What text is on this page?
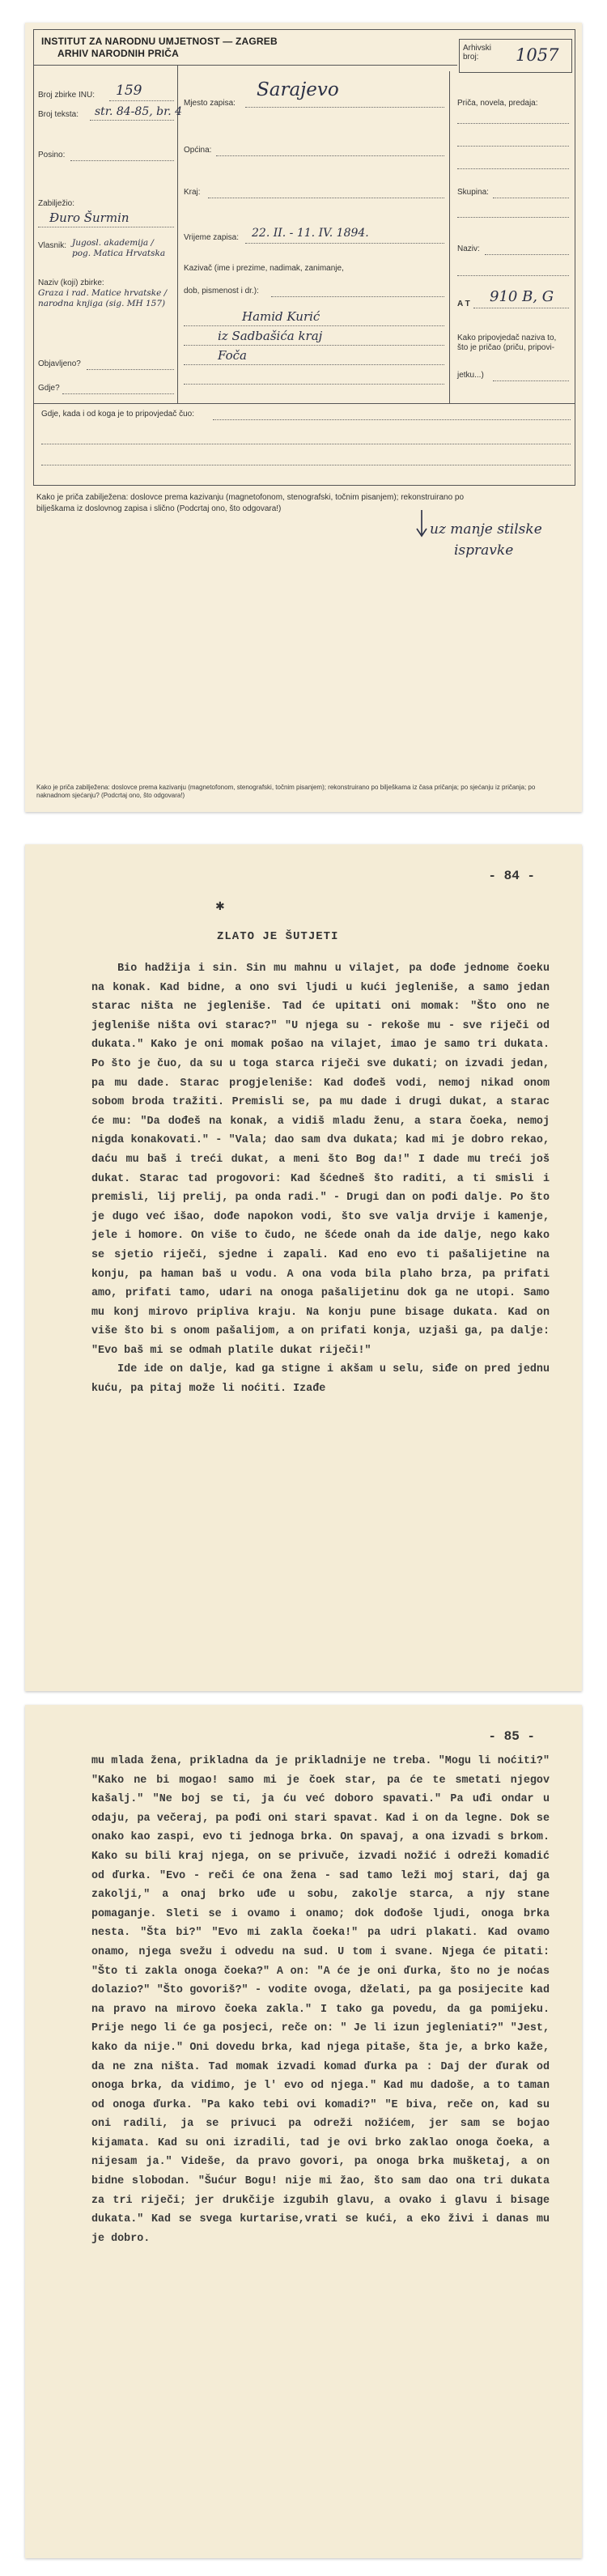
INSTITUT ZA NARODNU UMJETNOST — ZAGREB
ARHIV NARODNIH PRIČA	Arhivski broj:	1057
Broj zbirke INU: 159
Broj teksta: str. 84-85, br. 4
Posino:
Zabilježio:
Đuro Šurmin
Vlasnik: Jugosl. akademija / pog. Matica Hrvatska
Naziv (koji) zbirke:
Graza i rad. Matice hrvatske / narodna knjiga (sig. MH 157)
Objavljeno?
Gdje?
Mjesto zapisa:
Sarajevo
Općina:
Kraj:
Vrijeme zapisa: 22. II. - 11. IV. 1894.
Kazivač (ime i prezime, nadimak, zanimanje,
dob, pismenost i dr.):
Hamid Kurić
iz Sadbašića kraj
Foča
Priča, novela, predaja:
Skupina:
Naziv:
A T 910 B, G
Kako pripovjedač naziva to,
što je pričao (priču, pripovi-
jetku...)
Gdje, kada i od koga je to pripovjedač čuo:
Kako je priča zabilježena: doslovce prema kazivanju (magnetofonom, stenografski, točnim pisanjem); rekonstruirano po
bilješkama iz doslovnog zapisa i slično (Podcrtaj ono, što odgovara!)
Kako je priča zabilježena: doslovce prema kazivanju (magnetofonom, stenografski, točnim pisanjem); rekonstruirano po bilješkama iz časa pričanja; po sjećanju iz pričanja; po naknadnom sjećanju? (Podcrtaj ono, što odgovara!)
uz manje stilske
ispravke
- 84 -
✱
ZLATO JE ŠUTJETI

Bio hadžija i sin. Sin mu mahnu u vilajet, pa dođe jednome čoeku na konak. Kad bidne, a ono svi ljudi u kući jegleniše, a samo jedan starac ništa ne jegleniše. Tad će upitati oni momak: "Što ono ne jegleniše ništa ovi starac?" "U njega su - rekoše mu - sve riječi od dukata." Kako je oni momak pošao na vilajet, imao je samo tri dukata. Po što je čuo, da su u toga starca riječi sve dukati; on izvadi jedan, pa mu dade. Starac progjeleniše: Kad dođeš vodi, nemoj nikad onom sobom broda tražiti. Premisli se, pa mu dade i drugi dukat, a starac će mu: "Da dođeš na konak, a vidiš mladu ženu, a stara čoeka, nemoj nigda konakovati." - "Vala; dao sam dva dukata; kad mi je dobro rekao, daću mu baš i treći dukat, a meni što Bog da!" I dade mu treći još dukat. Starac tad progovori: Kad šćedneš što raditi, a ti smisli i premisli, lij prelij, pa onda radi." - Drugi dan on pođi dalje. Po što je dugo već išao, dođe napokon vodi, što sve valja drvije i kamenje, jele i homore. On više to čudo, ne šćede onah da ide dalje, nego kako se sjetio riječi, sjedne i zapali. Kad eno evo ti pašalijetine na konju, pa haman baš u vodu. A ona voda bila plaho brza, pa prifati amo, prifati tamo, udari na onoga pašalijetinu dok ga ne utopi. Samo mu konj mirovo pripliva kraju. Na konju pune bisage dukata. Kad on više što bi s onom pašalijom, a on prifati konja, uzjaši ga, pa dalje: "Evo baš mi se odmah platile dukat riječi!"

Ide ide on dalje, kad ga stigne i akšam u selu, siđe on pred jednu kuću, pa pitaj može li noćiti. Izađe

- 85 -

mu mlada žena, prikladna da je prikladnije ne treba. "Mogu li noćiti?" "Kako ne bi mogao! samo mi je čoek star, pa će te smetati njegov kašalj." "Ne boj se ti, ja ću već doboro spavati." Pa uđi ondar u odaju, pa večeraj, pa pođi oni stari spavat. Kad i on da legne. Dok se onako kao zaspi, evo ti jednoga brka. On spavaj, a ona izvadi s brkom. Kako su bili kraj njega, on se privuče, izvadi nožić i odreži komadić od ďurka. "Evo - reči će ona žena - sad tamo leži moj stari, daj ga zakolji," a onaj brko uđe u sobu, zakolje starca, a njy stane pomaganje. Sleti se i ovamo i onamo; dok dođoše ljudi, onoga brka nesta. "Šta bi?" "Evo mi zakla čoeka!" pa udri plakati. Kad ovamo onamo, njega svežu i odvedu na sud. U tom i svane. Njega će pitati: "Što ti zakla onoga čoeka?" A on: "A će je oni ďurka, što no je noćas dolazio?" "Što govoriš?" - vodite ovoga, dželati, pa ga posijecite kad na pravo na mirovo čoeka zakla." I tako ga povedu, da ga pomijeku. Prije nego li će ga posjeci, reče on: " Je li izun jegleniati?" "Jest, kako da nije." Oni dovedu brka, kad njega pitaše, šta je, a brko kaže, da ne zna ništa. Tad momak izvadi komad ďurka pa : Daj der ďurak od onoga brka, da vidimo, je l' evo od njega." Kad mu dadoše, a to taman od onoga ďurka. "Pa kako tebi ovi komadi?" "E biva, reče on, kad su oni radili, ja se privuci pa odreži nožićem, jer sam se bojao kijamata. Kad su oni izradili, tad je ovi brko zaklao onoga čoeka, a nijesam ja." Videše, da pravo govori, pa onoga brka mušketaj, a on bidne slobodan. "Šućur Bogu! nije mi žao, što sam dao ona tri dukata za tri riječi; jer drukčije izgubih glavu, a ovako i glavu i bisage dukata." Kad se svega kurtarise,vrati se kući, a eko živi i danas mu je dobro.
